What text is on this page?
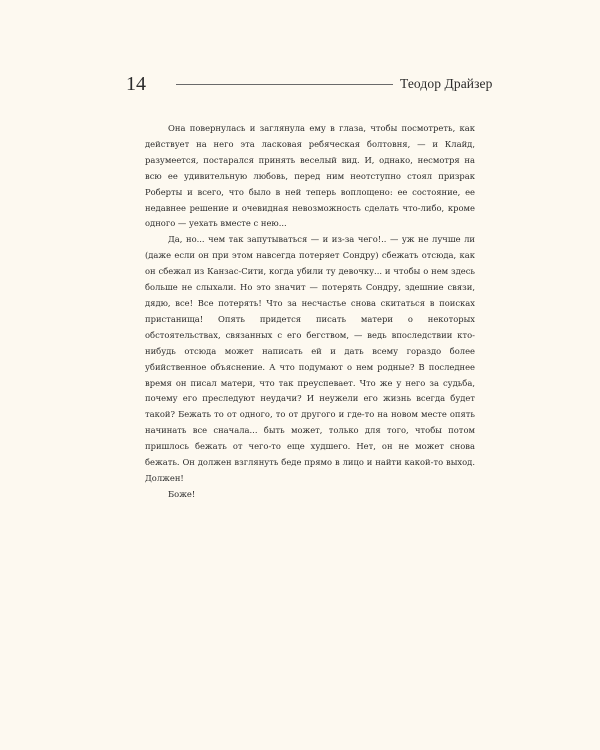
14	Теодор Драйзер

Она повернулась и заглянула ему в глаза, чтобы посмотреть, как действует на него эта ласковая ребяческая болтовня, — и Клайд, разумеется, постарался принять веселый вид. И, однако, несмотря на всю ее удивительную любовь, перед ним неотступно стоял призрак Роберты и всего, что было в ней теперь воплощено: ее состояние, ее недавнее решение и очевидная невозможность сделать что-либо, кроме одного — уехать вместе с нею...

Да, но... чем так запутываться — и из-за чего!.. — уж не лучше ли (даже если он при этом навсегда потеряет Сондру) сбежать отсюда, как он сбежал из Канзас-Сити, когда убили ту девочку... и чтобы о нем здесь больше не слыхали. Но это значит — потерять Сондру, здешние связи, дядю, все! Все потерять! Что за несчастье снова скитаться в поисках пристанища! Опять придется писать матери о некоторых обстоятельствах, связанных с его бегством, — ведь впоследствии кто-нибудь отсюда может написать ей и дать всему гораздо более убийственное объяснение. А что подумают о нем родные? В последнее время он писал матери, что так преуспевает. Что же у него за судьба, почему его преследуют неудачи? И неужели его жизнь всегда будет такой? Бежать то от одного, то от другого и где-то на новом месте опять начинать все сначала... быть может, только для того, чтобы потом пришлось бежать от чего-то еще худшего. Нет, он не может снова бежать. Он должен взглянуть беде прямо в лицо и найти какой-то выход. Должен!

Боже!
